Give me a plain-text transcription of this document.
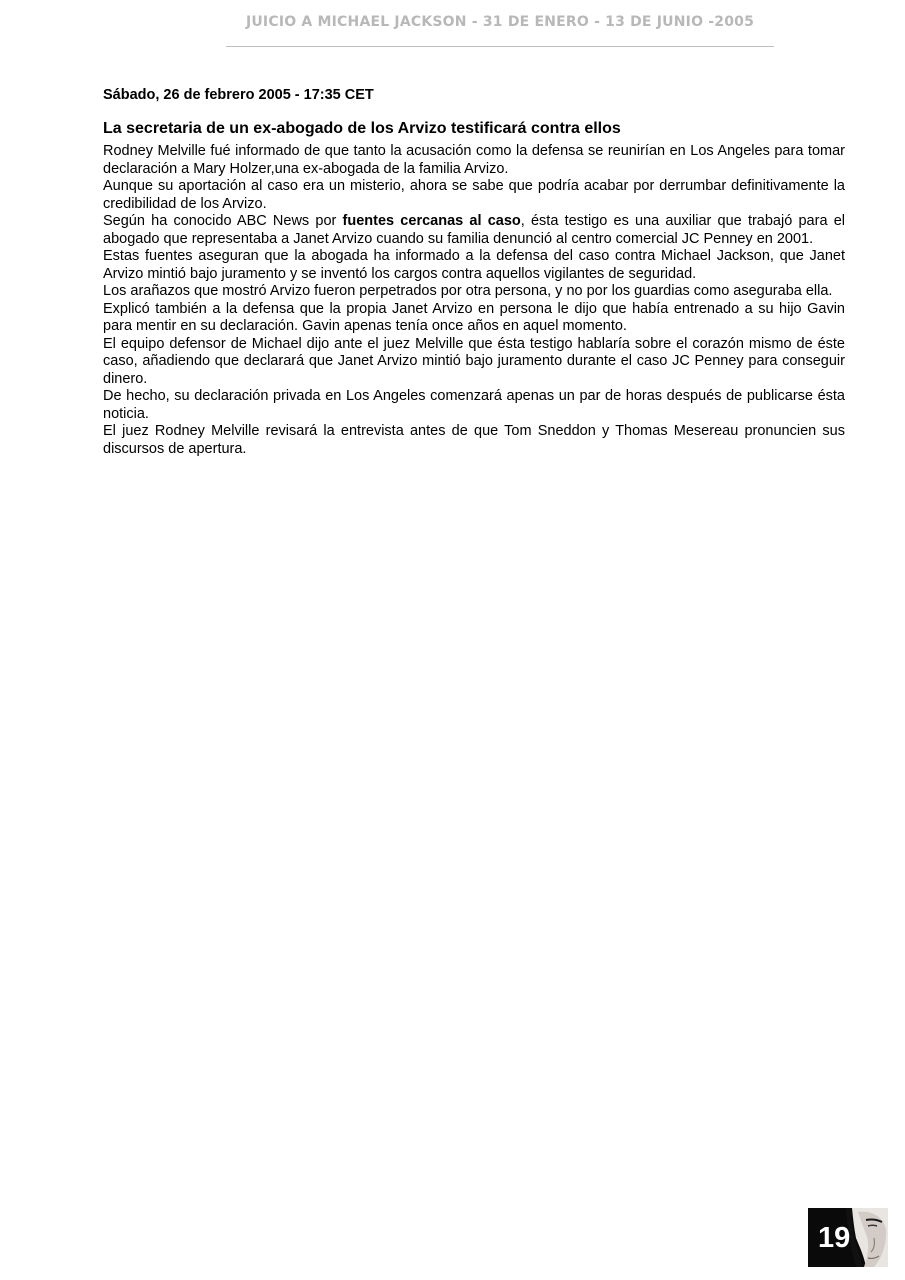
JUICIO A MICHAEL JACKSON - 31 DE ENERO - 13 DE JUNIO -2005
Sábado, 26 de febrero 2005 - 17:35 CET
La secretaria de un ex-abogado de los Arvizo testificará contra ellos

Rodney Melville fué informado de que tanto la acusación como la defensa se reunirían en Los Angeles para tomar declaración a Mary Holzer,una ex-abogada de la familia Arvizo.

Aunque su aportación al caso era un misterio, ahora se sabe que podría acabar por derrumbar definitivamente la credibilidad de los Arvizo.

Según ha conocido ABC News por fuentes cercanas al caso, ésta testigo es una auxiliar que trabajó para el abogado que representaba a Janet Arvizo cuando su familia denunció al centro comercial JC Penney en 2001.

Estas fuentes aseguran que la abogada ha informado a la defensa del caso contra Michael Jackson, que Janet Arvizo mintió bajo juramento y se inventó los cargos contra aquellos vigilantes de seguridad.

Los arañazos que mostró Arvizo fueron perpetrados por otra persona, y no por los guardias como aseguraba ella.

Explicó también a la defensa que la propia Janet Arvizo en persona le dijo que había entrenado a su hijo Gavin para mentir en su declaración. Gavin apenas tenía once años en aquel momento.

El equipo defensor de Michael dijo ante el juez Melville que ésta testigo hablaría sobre el corazón mismo de éste caso, añadiendo que declarará que Janet Arvizo mintió bajo juramento durante el caso JC Penney para conseguir dinero.

De hecho, su declaración privada en Los Angeles comenzará apenas un par de horas después de publicarse ésta noticia.

El juez Rodney Melville revisará la entrevista antes de que Tom Sneddon y Thomas Mesereau pronuncien sus discursos de apertura.

19
